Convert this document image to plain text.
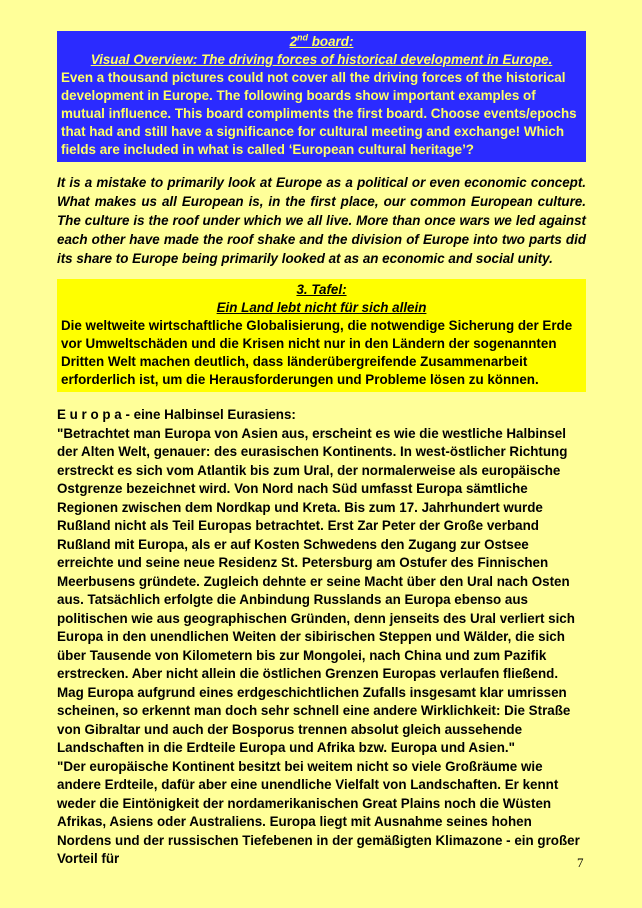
2nd board:
Visual Overview: The driving forces of historical development in Europe.
Even a thousand pictures could not cover all the driving forces of the historical development in Europe. The following boards show important examples of mutual influence. This board compliments the first board. Choose events/epochs that had and still have a significance for cultural meeting and exchange! Which fields are included in what is called ‘European cultural heritage’?
It is a mistake to primarily look at Europe as a political or even economic concept. What makes us all European is, in the first place, our common European culture. The culture is the roof under which we all live. More than once wars we led against each other have made the roof shake and the division of Europe into two parts did its share to Europe being primarily looked at as an economic and social unity.
3. Tafel:
Ein Land lebt nicht für sich allein
Die weltweite wirtschaftliche Globalisierung, die notwendige Sicherung der Erde vor Umweltschäden und die Krisen nicht nur in den Ländern der sogenannten Dritten Welt machen deutlich, dass länderübergreifende Zusammenarbeit erforderlich ist, um die Herausforderungen und Probleme lösen zu können.

E u r o p a - eine Halbinsel Eurasiens:

"Betrachtet man Europa von Asien aus, erscheint es wie die westliche Halbinsel der Alten Welt, genauer: des eurasischen Kontinents. In west-östlicher Richtung erstreckt es sich vom Atlantik bis zum Ural, der normalerweise als europäische Ostgrenze bezeichnet wird. Von Nord nach Süd umfasst Europa sämtliche Regionen zwischen dem Nordkap und Kreta. Bis zum 17. Jahrhundert wurde Rußland nicht als Teil Europas betrachtet. Erst Zar Peter der Große verband Rußland mit Europa, als er auf Kosten Schwedens den Zugang zur Ostsee erreichte und seine neue Residenz St. Petersburg am Ostufer des Finnischen Meerbusens gründete. Zugleich dehnte er seine Macht über den Ural nach Osten aus. Tatsächlich erfolgte die Anbindung Russlands an Europa ebenso aus politischen wie aus geographischen Gründen, denn jenseits des Ural verliert sich Europa in den unendlichen Weiten der sibirischen Steppen und Wälder, die sich über Tausende von Kilometern bis zur Mongolei, nach China und zum Pazifik erstrecken. Aber nicht allein die östlichen Grenzen Europas verlaufen fließend. Mag Europa aufgrund eines erdgeschichtlichen Zufalls insgesamt klar umrissen scheinen, so erkennt man doch sehr schnell eine andere Wirklichkeit: Die Straße von Gibraltar und auch der Bosporus trennen absolut gleich aussehende Landschaften in die Erdteile Europa und Afrika bzw. Europa und Asien."

"Der europäische Kontinent besitzt bei weitem nicht so viele Großräume wie andere Erdteile, dafür aber eine unendliche Vielfalt von Landschaften. Er kennt weder die Eintönigkeit der nordamerikanischen Great Plains noch die Wüsten Afrikas, Asiens oder Australiens. Europa liegt mit Ausnahme seines hohen Nordens und der russischen Tiefebenen in der gemäßigten Klimazone - ein großer Vorteil für	7
